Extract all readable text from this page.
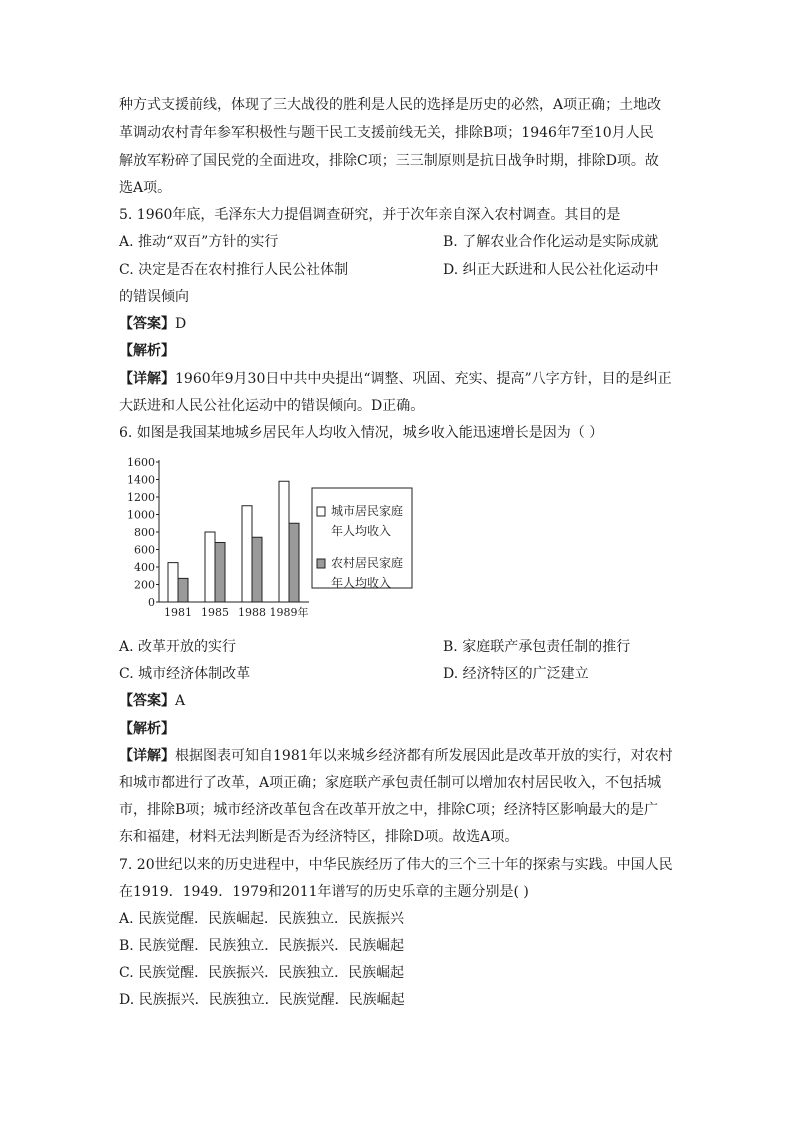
种方式支援前线，体现了三大战役的胜利是人民的选择是历史的必然，A项正确；土地改
革调动农村青年参军积极性与题干民工支援前线无关，排除B项；1946年7至10月人民
解放军粉碎了国民党的全面进攻，排除C项；三三制原则是抗日战争时期，排除D项。故
选A项。
5. 1960年底，毛泽东大力提倡调查研究，并于次年亲自深入农村调查。其目的是
A. 推动“双百”方针的实行	B. 了解农业合作化运动是实际成就
C. 决定是否在农村推行人民公社体制	D. 纠正大跃进和人民公社化运动中
的错误倾向
【答案】D
【解析】
【详解】1960年9月30日中共中央提出“调整、巩固、充实、提高”八字方针，目的是纠正
大跃进和人民公社化运动中的错误倾向。D正确。
6. 如图是我国某地城乡居民年人均收入情况，城乡收入能迅速增长是因为（ ）
0
200
400
600
800
1000
1200
1400
1600
1981 1985 1988 1989年
城市居民家庭
年人均收入
农村居民家庭
年人均收入
A. 改革开放的实行	B. 家庭联产承包责任制的推行
C. 城市经济体制改革	D. 经济特区的广泛建立
【答案】A
【解析】
【详解】根据图表可知自1981年以来城乡经济都有所发展因此是改革开放的实行，对农村
和城市都进行了改革，A项正确；家庭联产承包责任制可以增加农村居民收入，不包括城
市，排除B项；城市经济改革包含在改革开放之中，排除C项；经济特区影响最大的是广
东和福建，材料无法判断是否为经济特区，排除D项。故选A项。
7. 20世纪以来的历史进程中，中华民族经历了伟大的三个三十年的探索与实践。中国人民
在1919．1949．1979和2011年谱写的历史乐章的主题分别是( )
A. 民族觉醒．民族崛起．民族独立．民族振兴
B. 民族觉醒．民族独立．民族振兴．民族崛起
C. 民族觉醒．民族振兴．民族独立．民族崛起
D. 民族振兴．民族独立．民族觉醒．民族崛起
